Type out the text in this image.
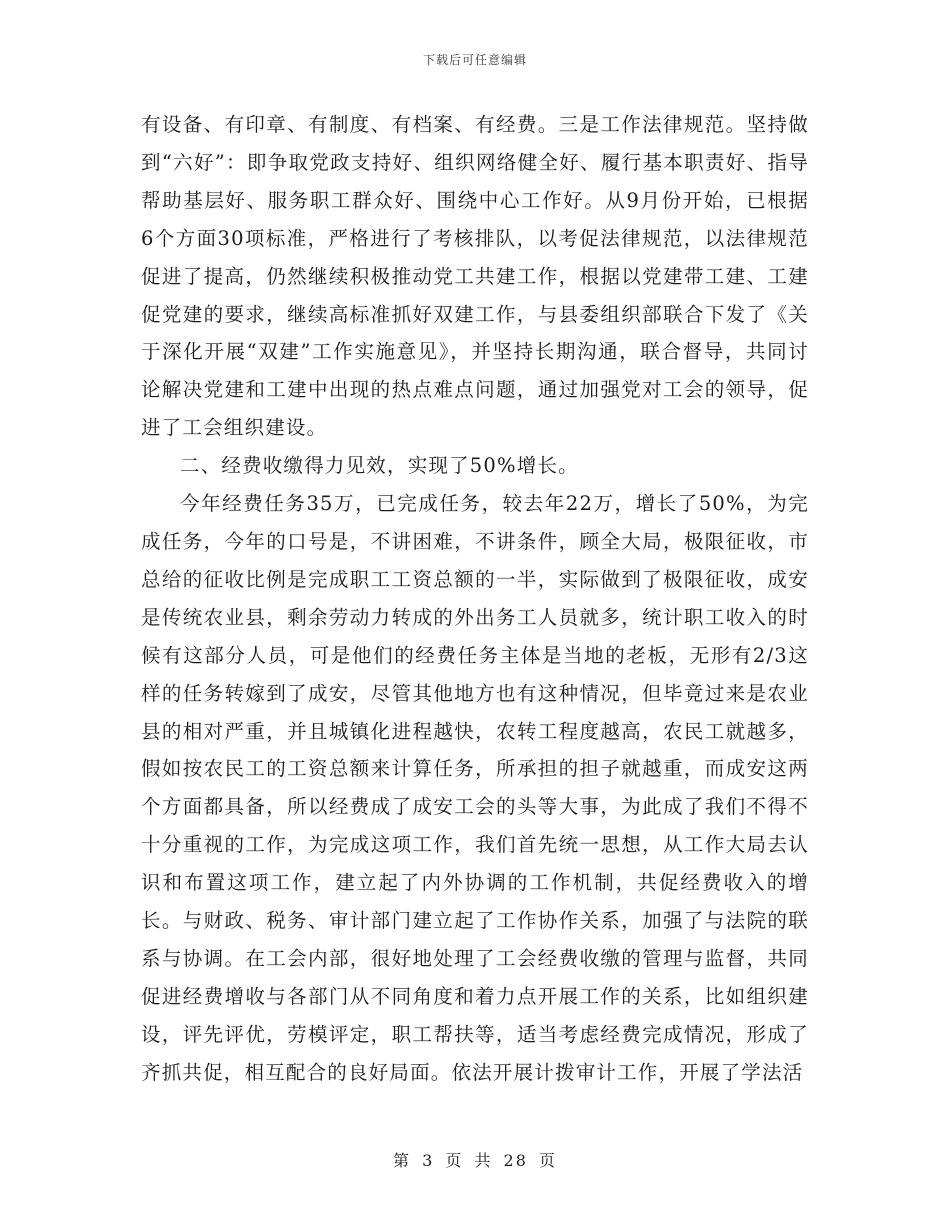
下载后可任意编辑

有设备、有印章、有制度、有档案、有经费。三是工作法律规范。坚持做到“六好”：即争取党政支持好、组织网络健全好、履行基本职责好、指导帮助基层好、服务职工群众好、围绕中心工作好。从9月份开始，已根据6个方面30项标准，严格进行了考核排队，以考促法律规范，以法律规范促进了提高，仍然继续积极推动党工共建工作，根据以党建带工建、工建促党建的要求，继续高标准抓好双建工作，与县委组织部联合下发了《关于深化开展“双建”工作实施意见》，并坚持长期沟通，联合督导，共同讨论解决党建和工建中出现的热点难点问题，通过加强党对工会的领导，促进了工会组织建设。

二、经费收缴得力见效，实现了50%增长。

今年经费任务35万，已完成任务，较去年22万，增长了50%，为完成任务，今年的口号是，不讲困难，不讲条件，顾全大局，极限征收，市总给的征收比例是完成职工工资总额的一半，实际做到了极限征收，成安是传统农业县，剩余劳动力转成的外出务工人员就多，统计职工收入的时候有这部分人员，可是他们的经费任务主体是当地的老板，无形有2/3这样的任务转嫁到了成安，尽管其他地方也有这种情况，但毕竟过来是农业县的相对严重，并且城镇化进程越快，农转工程度越高，农民工就越多，假如按农民工的工资总额来计算任务，所承担的担子就越重，而成安这两个方面都具备，所以经费成了成安工会的头等大事，为此成了我们不得不十分重视的工作，为完成这项工作，我们首先统一思想，从工作大局去认识和布置这项工作，建立起了内外协调的工作机制，共促经费收入的增长。与财政、税务、审计部门建立起了工作协作关系，加强了与法院的联系与协调。在工会内部，很好地处理了工会经费收缴的管理与监督，共同促进经费增收与各部门从不同角度和着力点开展工作的关系，比如组织建设，评先评优，劳模评定，职工帮扶等，适当考虑经费完成情况，形成了齐抓共促，相互配合的良好局面。依法开展计拨审计工作，开展了学法活

第 3 页 共 28 页
